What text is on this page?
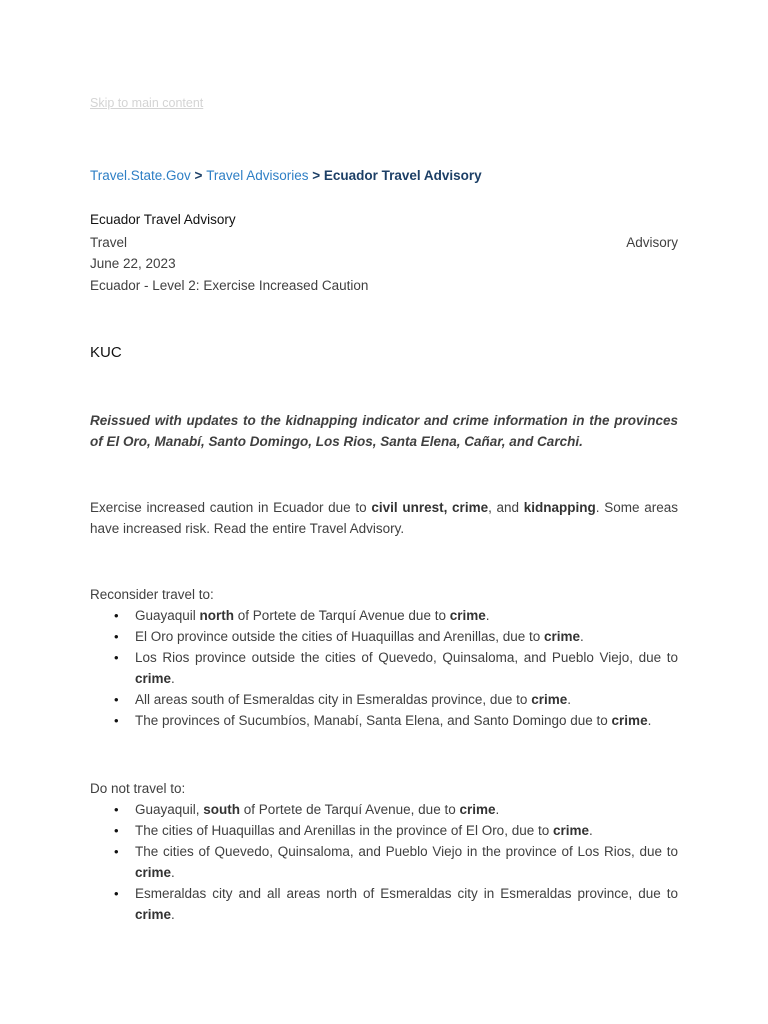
Skip to main content
Travel.State.Gov > Travel Advisories > Ecuador Travel Advisory
Ecuador Travel Advisory
Travel	Advisory
June 22, 2023
Ecuador - Level 2: Exercise Increased Caution
KUC
Reissued with updates to the kidnapping indicator and crime information in the provinces of El Oro, Manabí, Santo Domingo, Los Rios, Santa Elena, Cañar, and Carchi.
Exercise increased caution in Ecuador due to civil unrest, crime, and kidnapping. Some areas have increased risk. Read the entire Travel Advisory.

Reconsider travel to:

• Guayaquil north of Portete de Tarquí Avenue due to crime.
• El Oro province outside the cities of Huaquillas and Arenillas, due to crime.
• Los Rios province outside the cities of Quevedo, Quinsaloma, and Pueblo Viejo, due to crime.
• All areas south of Esmeraldas city in Esmeraldas province, due to crime.
• The provinces of Sucumbíos, Manabí, Santa Elena, and Santo Domingo due to crime.

Do not travel to:

• Guayaquil, south of Portete de Tarquí Avenue, due to crime.
• The cities of Huaquillas and Arenillas in the province of El Oro, due to crime.
• The cities of Quevedo, Quinsaloma, and Pueblo Viejo in the province of Los Rios, due to crime.
• Esmeraldas city and all areas north of Esmeraldas city in Esmeraldas province, due to crime.
